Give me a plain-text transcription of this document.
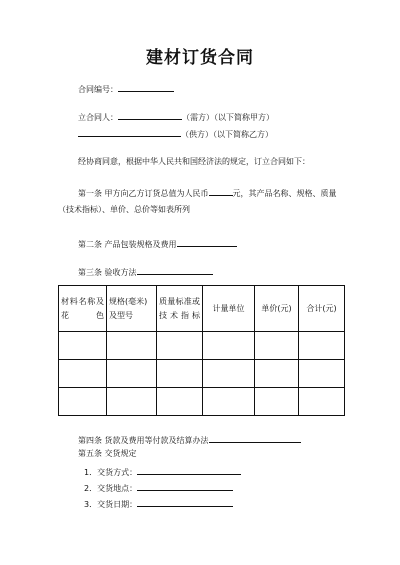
建材订货合同
合同编号：
立合同人：	（需方）（以下简称甲方）
（供方）（以下简称乙方）
经协商同意，根据中华人民共和国经济法的规定，订立合同如下：
第一条 甲方向乙方订货总值为人民币	元，其产品名称、规格、质量（技术指标）、单价、总价等如表所列
第二条 产品包装规格及费用
第三条 验收方法
材料名称及花色	规格(毫米)及型号	质量标准或技术指标	计量单位	单价(元)	合计(元)

第四条 货款及费用等付款及结算办法
第五条 交货规定
1．交货方式：
2．交货地点：
3．交货日期：
